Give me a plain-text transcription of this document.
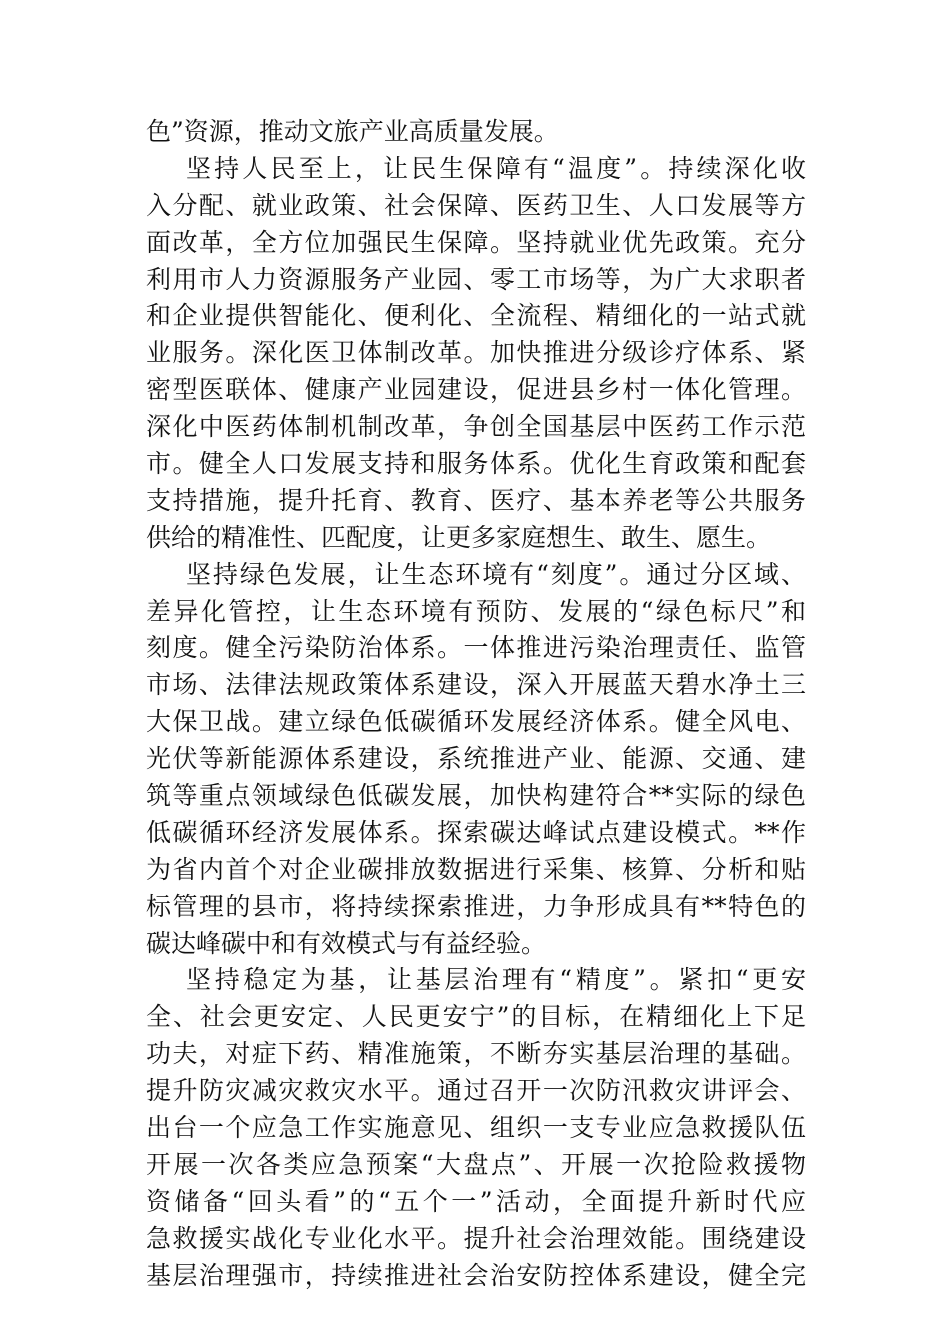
色”资源，推动文旅产业高质量发展。
坚持人民至上，让民生保障有“温度”。持续深化收
入分配、就业政策、社会保障、医药卫生、人口发展等方
面改革，全方位加强民生保障。坚持就业优先政策。充分
利用市人力资源服务产业园、零工市场等，为广大求职者
和企业提供智能化、便利化、全流程、精细化的一站式就
业服务。深化医卫体制改革。加快推进分级诊疗体系、紧
密型医联体、健康产业园建设，促进县乡村一体化管理。
深化中医药体制机制改革，争创全国基层中医药工作示范
市。健全人口发展支持和服务体系。优化生育政策和配套
支持措施，提升托育、教育、医疗、基本养老等公共服务
供给的精准性、匹配度，让更多家庭想生、敢生、愿生。
坚持绿色发展，让生态环境有“刻度”。通过分区域、
差异化管控，让生态环境有预防、发展的“绿色标尺”和
刻度。健全污染防治体系。一体推进污染治理责任、监管
市场、法律法规政策体系建设，深入开展蓝天碧水净土三
大保卫战。建立绿色低碳循环发展经济体系。健全风电、
光伏等新能源体系建设，系统推进产业、能源、交通、建
筑等重点领域绿色低碳发展，加快构建符合**实际的绿色
低碳循环经济发展体系。探索碳达峰试点建设模式。**作
为省内首个对企业碳排放数据进行采集、核算、分析和贴
标管理的县市，将持续探索推进，力争形成具有**特色的
碳达峰碳中和有效模式与有益经验。
坚持稳定为基，让基层治理有“精度”。紧扣“更安
全、社会更安定、人民更安宁”的目标，在精细化上下足
功夫，对症下药、精准施策，不断夯实基层治理的基础。
提升防灾减灾救灾水平。通过召开一次防汛救灾讲评会、
出台一个应急工作实施意见、组织一支专业应急救援队伍
开展一次各类应急预案“大盘点”、开展一次抢险救援物
资储备“回头看”的“五个一”活动，全面提升新时代应
急救援实战化专业化水平。提升社会治理效能。围绕建设
基层治理强市，持续推进社会治安防控体系建设，健全完
